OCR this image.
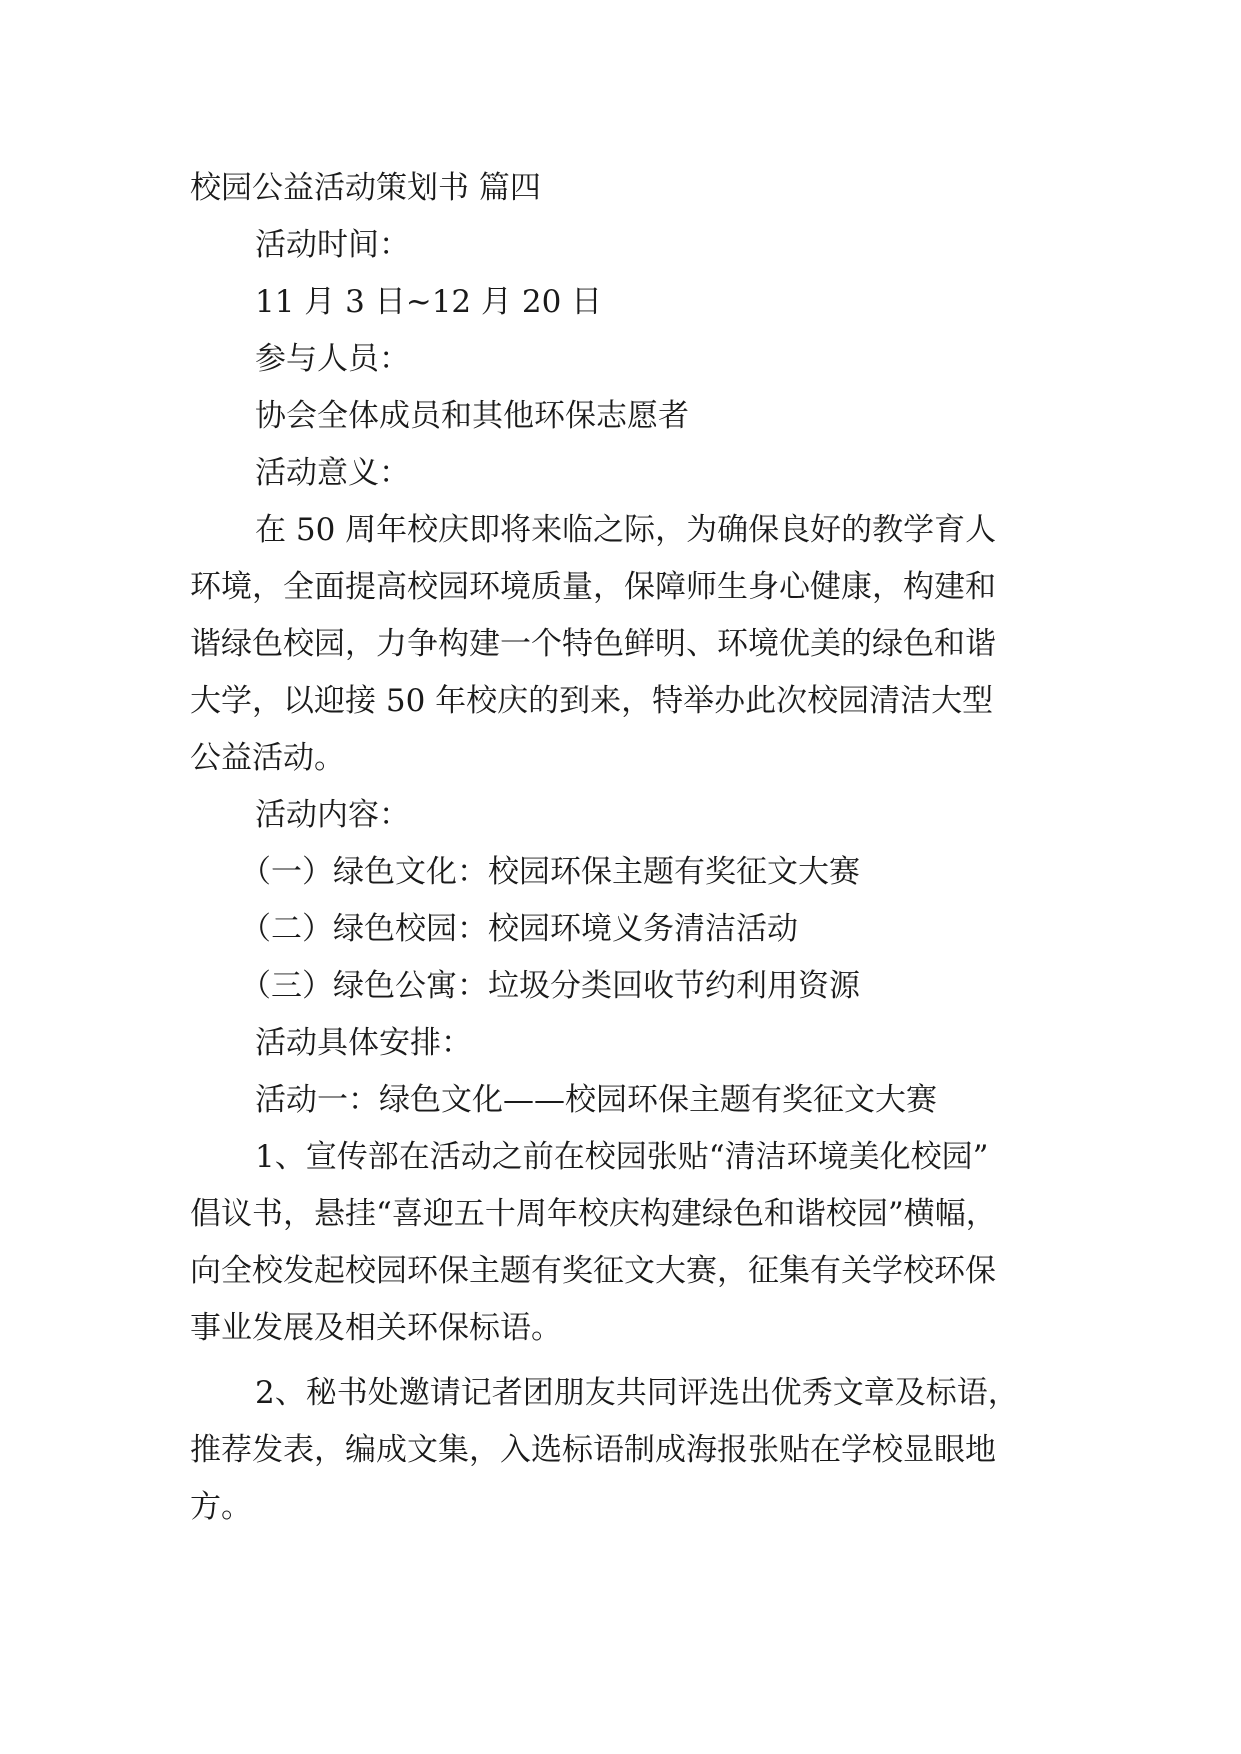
校园公益活动策划书 篇四
活动时间：
11 月 3 日~12 月 20 日
参与人员：
协会全体成员和其他环保志愿者
活动意义：
在 50 周年校庆即将来临之际，为确保良好的教学育人
环境，全面提高校园环境质量，保障师生身心健康，构建和
谐绿色校园，力争构建一个特色鲜明、环境优美的绿色和谐
大学，以迎接 50 年校庆的到来，特举办此次校园清洁大型
公益活动。
活动内容：
（一）绿色文化：校园环保主题有奖征文大赛
（二）绿色校园：校园环境义务清洁活动
（三）绿色公寓：垃圾分类回收节约利用资源
活动具体安排：
活动一：绿色文化——校园环保主题有奖征文大赛
1、宣传部在活动之前在校园张贴“清洁环境美化校园”
倡议书，悬挂“喜迎五十周年校庆构建绿色和谐校园”横幅，
向全校发起校园环保主题有奖征文大赛，征集有关学校环保
事业发展及相关环保标语。
2、秘书处邀请记者团朋友共同评选出优秀文章及标语，
推荐发表，编成文集，入选标语制成海报张贴在学校显眼地
方。
